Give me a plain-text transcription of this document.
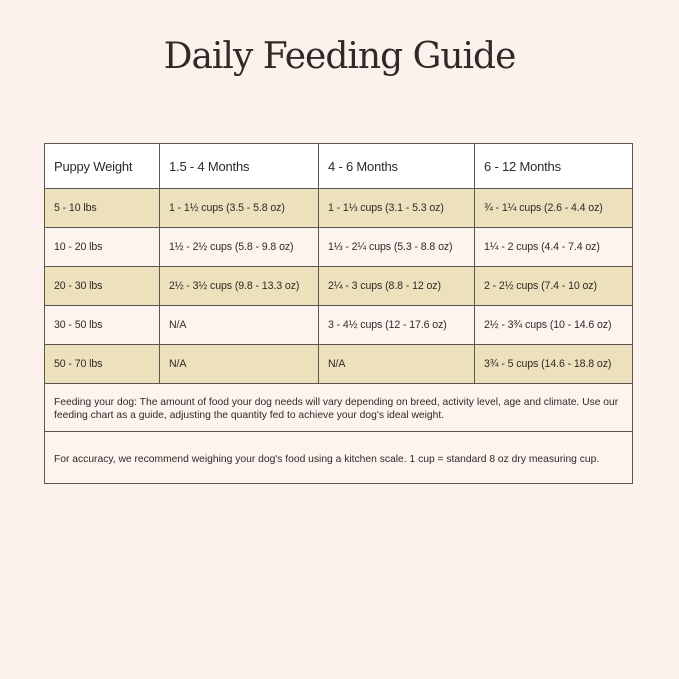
Daily Feeding Guide
Puppy Weight	1.5 - 4 Months	4 - 6 Months	6 - 12 Months
5 - 10 lbs	1 - 1½ cups (3.5 - 5.8 oz)	1 - 1⅓ cups (3.1 - 5.3 oz)	¾ - 1¼ cups (2.6 - 4.4 oz)
10 - 20 lbs	1½ - 2½ cups (5.8 - 9.8 oz)	1⅓ - 2¼ cups (5.3 - 8.8 oz)	1¼ - 2 cups (4.4 - 7.4 oz)
20 - 30 lbs	2½ - 3½ cups (9.8 - 13.3 oz)	2¼ - 3 cups (8.8 - 12 oz)	2 - 2½ cups (7.4 - 10 oz)
30 - 50 lbs	N/A	3 - 4½ cups (12 - 17.6 oz)	2½ - 3¾ cups (10 - 14.6 oz)
50 - 70 lbs	N/A	N/A	3¾ - 5 cups (14.6 - 18.8 oz)
Feeding your dog: The amount of food your dog needs will vary depending on breed, activity level, age and climate. Use our feeding chart as a guide, adjusting the quantity fed to achieve your dog's ideal weight.
For accuracy, we recommend weighing your dog's food using a kitchen scale. 1 cup = standard 8 oz dry measuring cup.
